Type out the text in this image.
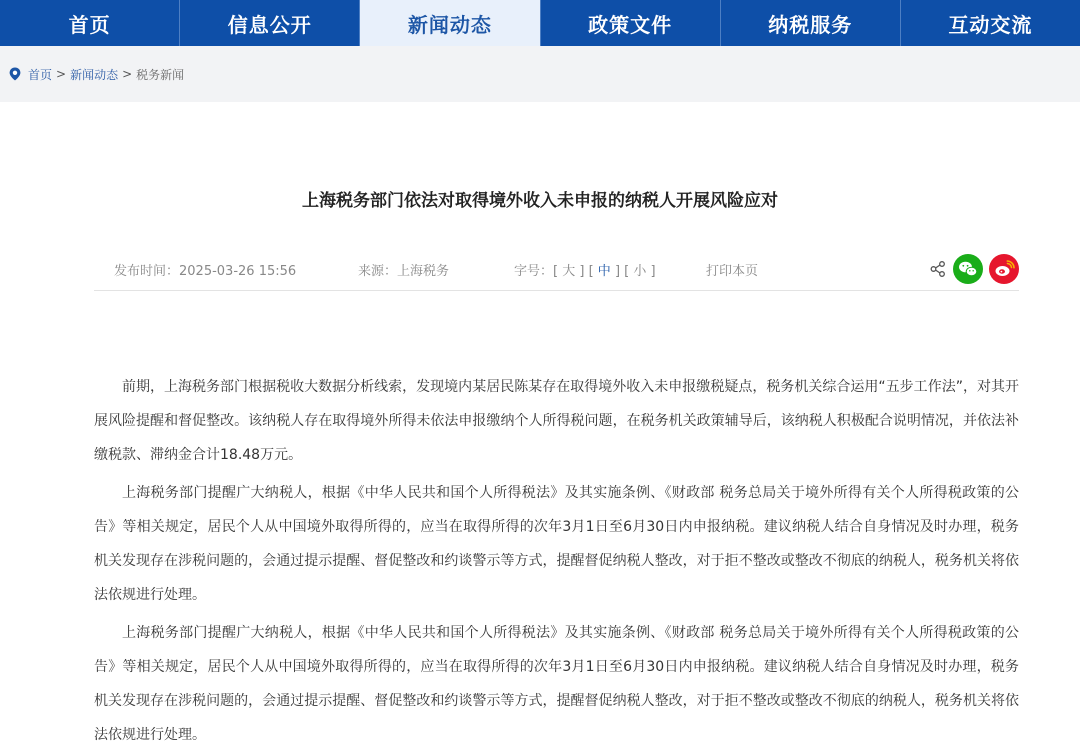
首页	信息公开	新闻动态	政策文件	纳税服务	互动交流
首页 > 新闻动态 > 税务新闻
上海税务部门依法对取得境外收入未申报的纳税人开展风险应对
发布时间：2025-03-26 15:56	来源：上海税务	字号：[ 大 ] [ 中 ] [ 小 ]	打印本页

前期，上海税务部门根据税收大数据分析线索，发现境内某居民陈某存在取得境外收入未申报缴税疑点，税务机关综合运用“五步工作法”，对其开展风险提醒和督促整改。该纳税人存在取得境外所得未依法申报缴纳个人所得税问题，在税务机关政策辅导后，该纳税人积极配合说明情况，并依法补缴税款、滞纳金合计18.48万元。

上海税务部门提醒广大纳税人，根据《中华人民共和国个人所得税法》及其实施条例、《财政部 税务总局关于境外所得有关个人所得税政策的公告》等相关规定，居民个人从中国境外取得所得的，应当在取得所得的次年3月1日至6月30日内申报纳税。建议纳税人结合自身情况及时办理，税务机关发现存在涉税问题的，会通过提示提醒、督促整改和约谈警示等方式，提醒督促纳税人整改，对于拒不整改或整改不彻底的纳税人，税务机关将依法依规进行处理。

上海税务部门提醒广大纳税人，根据《中华人民共和国个人所得税法》及其实施条例、《财政部 税务总局关于境外所得有关个人所得税政策的公告》等相关规定，居民个人从中国境外取得所得的，应当在取得所得的次年3月1日至6月30日内申报纳税。建议纳税人结合自身情况及时办理，税务机关发现存在涉税问题的，会通过提示提醒、督促整改和约谈警示等方式，提醒督促纳税人整改，对于拒不整改或整改不彻底的纳税人，税务机关将依法依规进行处理。
